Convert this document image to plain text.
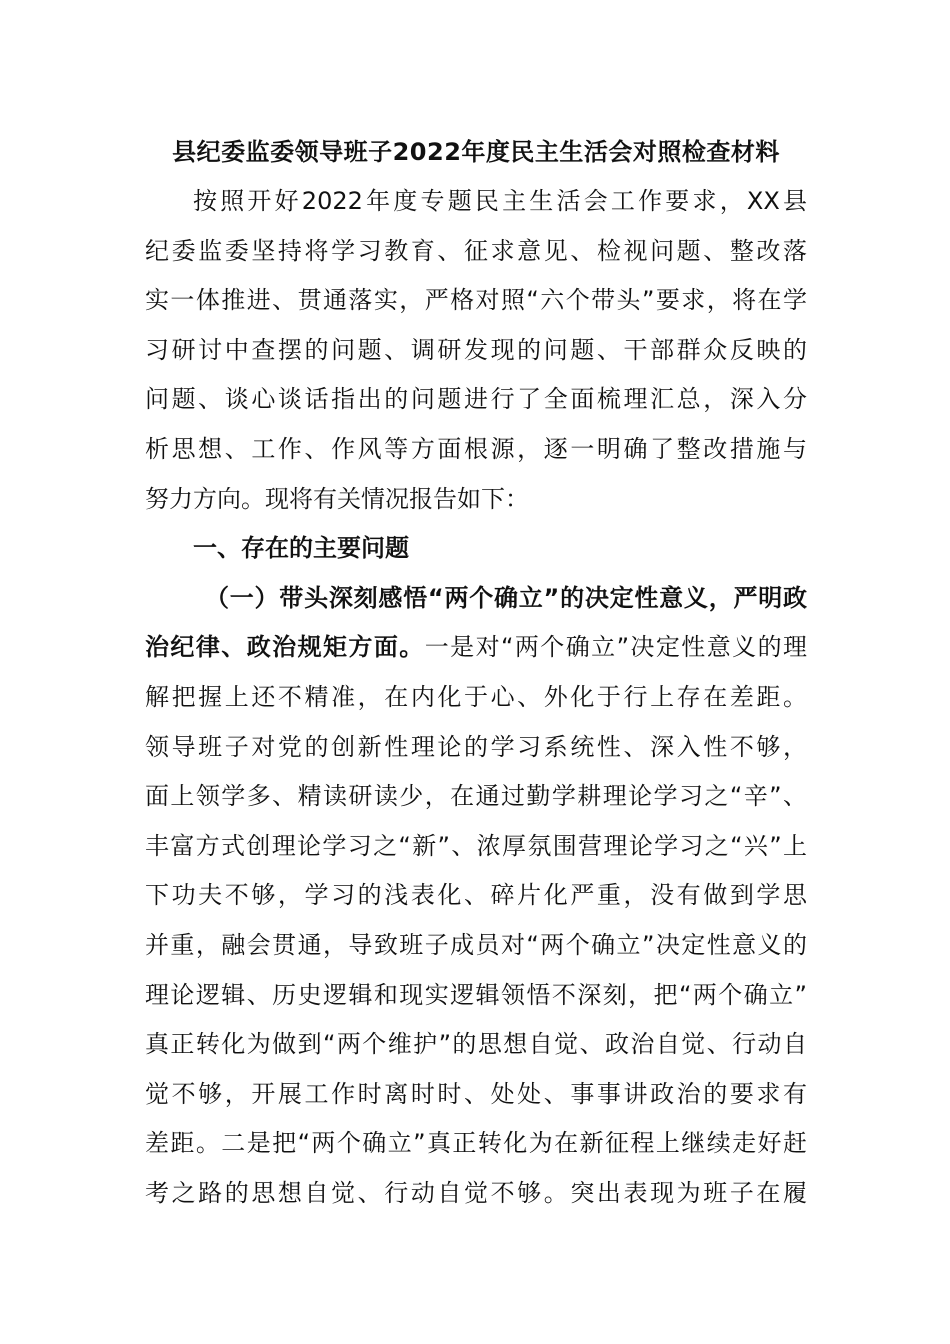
县纪委监委领导班子2022年度民主生活会对照检查材料
按照开好2022年度专题民主生活会工作要求，XX县
纪委监委坚持将学习教育、征求意见、检视问题、整改落
实一体推进、贯通落实，严格对照“六个带头”要求，将在学
习研讨中查摆的问题、调研发现的问题、干部群众反映的
问题、谈心谈话指出的问题进行了全面梳理汇总，深入分
析思想、工作、作风等方面根源，逐一明确了整改措施与
努力方向。现将有关情况报告如下：
一、存在的主要问题
（一）带头深刻感悟“两个确立”的决定性意义，严明政
治纪律、政治规矩方面。一是对“两个确立”决定性意义的理
解把握上还不精准，在内化于心、外化于行上存在差距。
领导班子对党的创新性理论的学习系统性、深入性不够，
面上领学多、精读研读少，在通过勤学耕理论学习之“辛”、
丰富方式创理论学习之“新”、浓厚氛围营理论学习之“兴”上
下功夫不够，学习的浅表化、碎片化严重，没有做到学思
并重，融会贯通，导致班子成员对“两个确立”决定性意义的
理论逻辑、历史逻辑和现实逻辑领悟不深刻，把“两个确立”
真正转化为做到“两个维护”的思想自觉、政治自觉、行动自
觉不够，开展工作时离时时、处处、事事讲政治的要求有
差距。二是把“两个确立”真正转化为在新征程上继续走好赶
考之路的思想自觉、行动自觉不够。突出表现为班子在履
